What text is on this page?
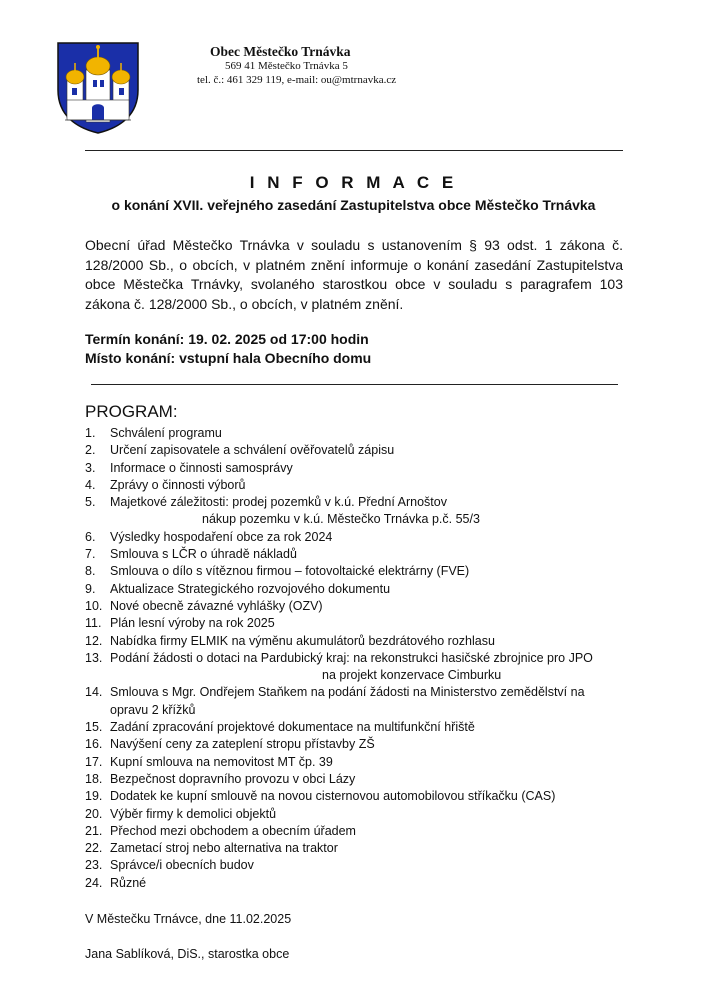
Obec Městečko Trnávka
569 41 Městečko Trnávka 5
tel. č.: 461 329 119, e-mail: ou@mtrnavka.cz
I N F O R M A C E
o konání XVII. veřejného zasedání Zastupitelstva obce Městečko Trnávka
Obecní úřad Městečko Trnávka v souladu s ustanovením § 93 odst. 1 zákona č. 128/2000 Sb., o obcích, v platném znění informuje o konání zasedání Zastupitelstva obce Městečka Trnávky, svolaného starostkou obce v souladu s paragrafem 103 zákona č. 128/2000 Sb., o obcích, v platném znění.
Termín konání: 19. 02. 2025 od 17:00 hodin
Místo konání: vstupní hala Obecního domu
PROGRAM:
1. Schválení programu
2. Určení zapisovatele a schválení ověřovatelů zápisu
3. Informace o činnosti samosprávy
4. Zprávy o činnosti výborů
5. Majetkové záležitosti: prodej pozemků v k.ú. Přední Arnoštov
nákup pozemku v k.ú. Městečko Trnávka p.č. 55/3
6. Výsledky hospodaření obce za rok 2024
7. Smlouva s LČR o úhradě nákladů
8. Smlouva o dílo s vítěznou firmou – fotovoltaické elektrárny (FVE)
9. Aktualizace Strategického rozvojového dokumentu
10. Nové obecně závazné vyhlášky (OZV)
11. Plán lesní výroby na rok 2025
12. Nabídka firmy ELMIK na výměnu akumulátorů bezdrátového rozhlasu
13. Podání žádosti o dotaci na Pardubický kraj: na rekonstrukci hasičské zbrojnice pro JPO
na projekt konzervace Cimburku
14. Smlouva s Mgr. Ondřejem Staňkem na podání žádosti na Ministerstvo zemědělství na
opravu 2 křížků
15. Zadání zpracování projektové dokumentace na multifunkční hřiště
16. Navýšení ceny za zateplení stropu přístavby ZŠ
17. Kupní smlouva na nemovitost MT čp. 39
18. Bezpečnost dopravního provozu v obci Lázy
19. Dodatek ke kupní smlouvě na novou cisternovou automobilovou stříkačku (CAS)
20. Výběr firmy k demolici objektů
21. Přechod mezi obchodem a obecním úřadem
22. Zametací stroj nebo alternativa na traktor
23. Správce/i obecních budov
24. Různé
V Městečku Trnávce, dne 11.02.2025
Jana Sablíková, DiS., starostka obce
